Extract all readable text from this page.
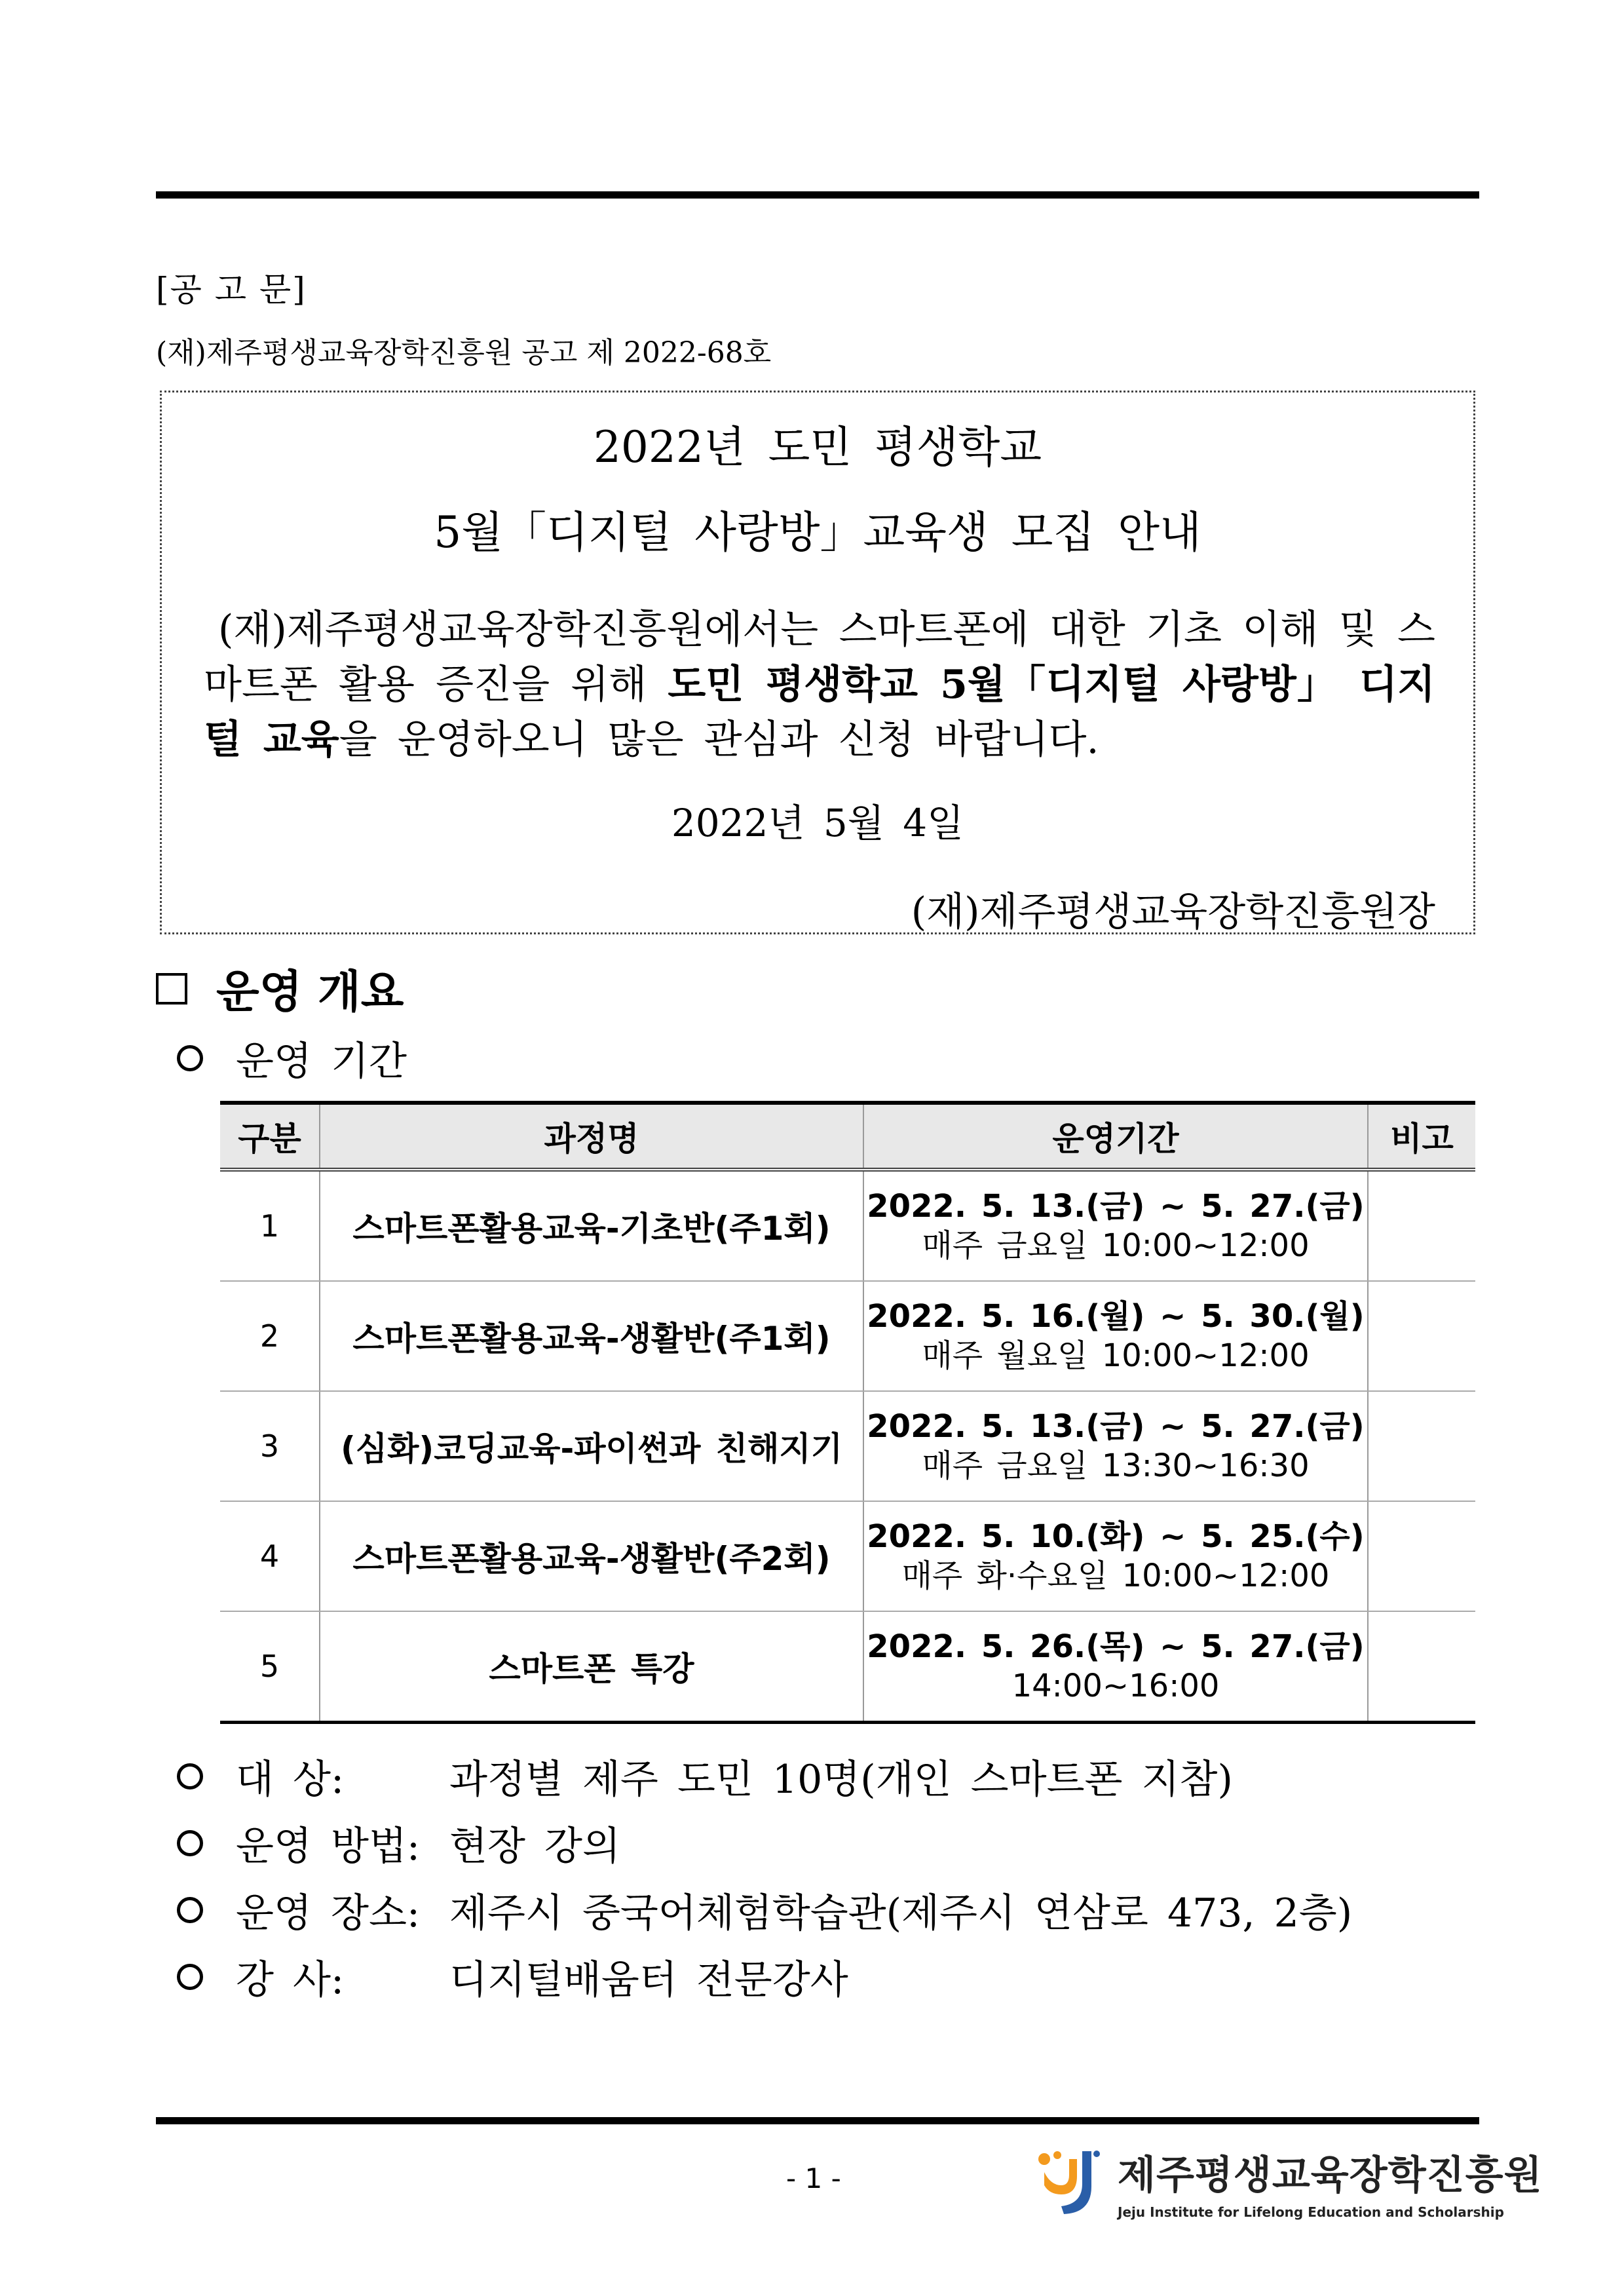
[공 고 문]
(재)제주평생교육장학진흥원 공고 제 2022-68호
2022년 도민 평생학교
5월「디지털 사랑방」교육생 모집 안내
(재)제주평생교육장학진흥원에서는 스마트폰에 대한 기초 이해 및 스마트폰 활용 증진을 위해 도민 평생학교 5월「디지털 사랑방」 디지털 교육을 운영하오니 많은 관심과 신청 바랍니다.
2022년 5월 4일
(재)제주평생교육장학진흥원장
운영 개요
운영 기간
구분	과정명	운영기간	비고
1	스마트폰활용교육-기초반(주1회)	2022. 5. 13.(금) ~ 5. 27.(금)
매주 금요일 10:00~12:00	

2	스마트폰활용교육-생활반(주1회)	2022. 5. 16.(월) ~ 5. 30.(월)
매주 월요일 10:00~12:00	

3	(심화)코딩교육-파이썬과 친해지기	2022. 5. 13.(금) ~ 5. 27.(금)
매주 금요일 13:30~16:30	

4	스마트폰활용교육-생활반(주2회)	2022. 5. 10.(화) ~ 5. 25.(수)
매주 화·수요일 10:00~12:00	

5	스마트폰 특강	2022. 5. 26.(목) ~ 5. 27.(금)
14:00~16:00	

대 상:	과정별 제주 도민 10명(개인 스마트폰 지참)
운영 방법: 현장 강의
운영 장소: 제주시 중국어체험학습관(제주시 연삼로 473, 2층)
강 사:	디지털배움터 전문강사
- 1 -	제주평생교육장학진흥원
Jeju Institute for Lifelong Education and Scholarship
